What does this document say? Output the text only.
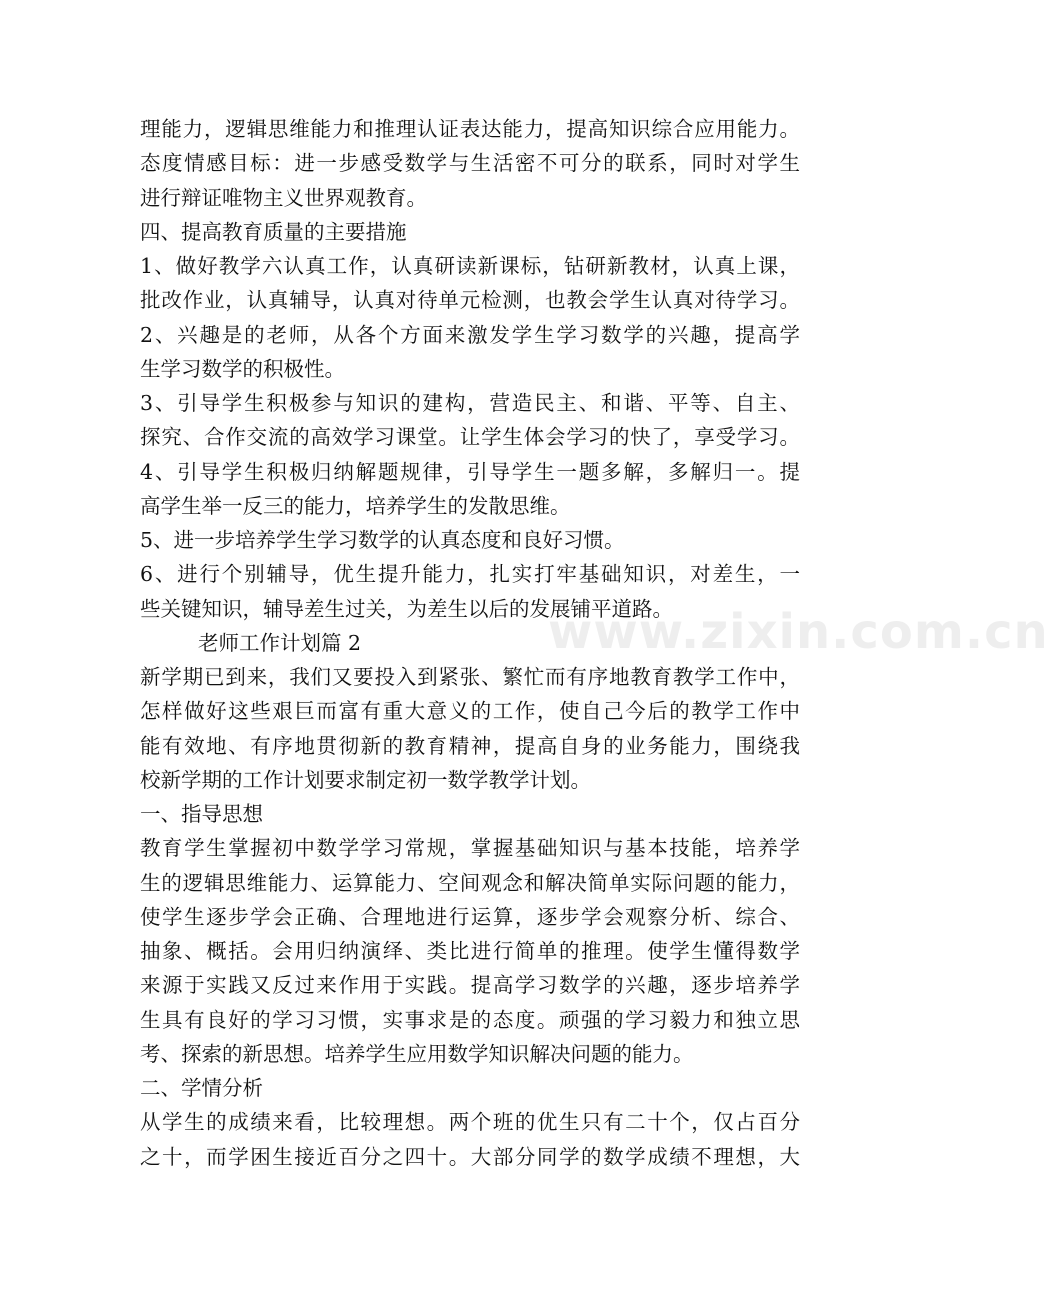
理能力，逻辑思维能力和推理认证表达能力，提高知识综合应用能力。
态度情感目标：进一步感受数学与生活密不可分的联系，同时对学生
进行辩证唯物主义世界观教育。
四、提高教育质量的主要措施
1、做好教学六认真工作，认真研读新课标，钻研新教材，认真上课，
批改作业，认真辅导，认真对待单元检测，也教会学生认真对待学习。
2、兴趣是的老师，从各个方面来激发学生学习数学的兴趣，提高学
生学习数学的积极性。
3、引导学生积极参与知识的建构，营造民主、和谐、平等、自主、
探究、合作交流的高效学习课堂。让学生体会学习的快了，享受学习。
4、引导学生积极归纳解题规律，引导学生一题多解，多解归一。提
高学生举一反三的能力，培养学生的发散思维。
5、进一步培养学生学习数学的认真态度和良好习惯。
6、进行个别辅导，优生提升能力，扎实打牢基础知识，对差生，一
些关键知识，辅导差生过关，为差生以后的发展铺平道路。
老师工作计划篇 2
新学期已到来，我们又要投入到紧张、繁忙而有序地教育教学工作中，
怎样做好这些艰巨而富有重大意义的工作，使自己今后的教学工作中
能有效地、有序地贯彻新的教育精神，提高自身的业务能力，围绕我
校新学期的工作计划要求制定初一数学教学计划。
一、指导思想
教育学生掌握初中数学学习常规，掌握基础知识与基本技能，培养学
生的逻辑思维能力、运算能力、空间观念和解决简单实际问题的能力，
使学生逐步学会正确、合理地进行运算，逐步学会观察分析、综合、
抽象、概括。会用归纳演绎、类比进行简单的推理。使学生懂得数学
来源于实践又反过来作用于实践。提高学习数学的兴趣，逐步培养学
生具有良好的学习习惯，实事求是的态度。顽强的学习毅力和独立思
考、探索的新思想。培养学生应用数学知识解决问题的能力。
二、学情分析
从学生的成绩来看，比较理想。两个班的优生只有二十个，仅占百分
之十，而学困生接近百分之四十。大部分同学的数学成绩不理想，大
www.zixin.com.cn
